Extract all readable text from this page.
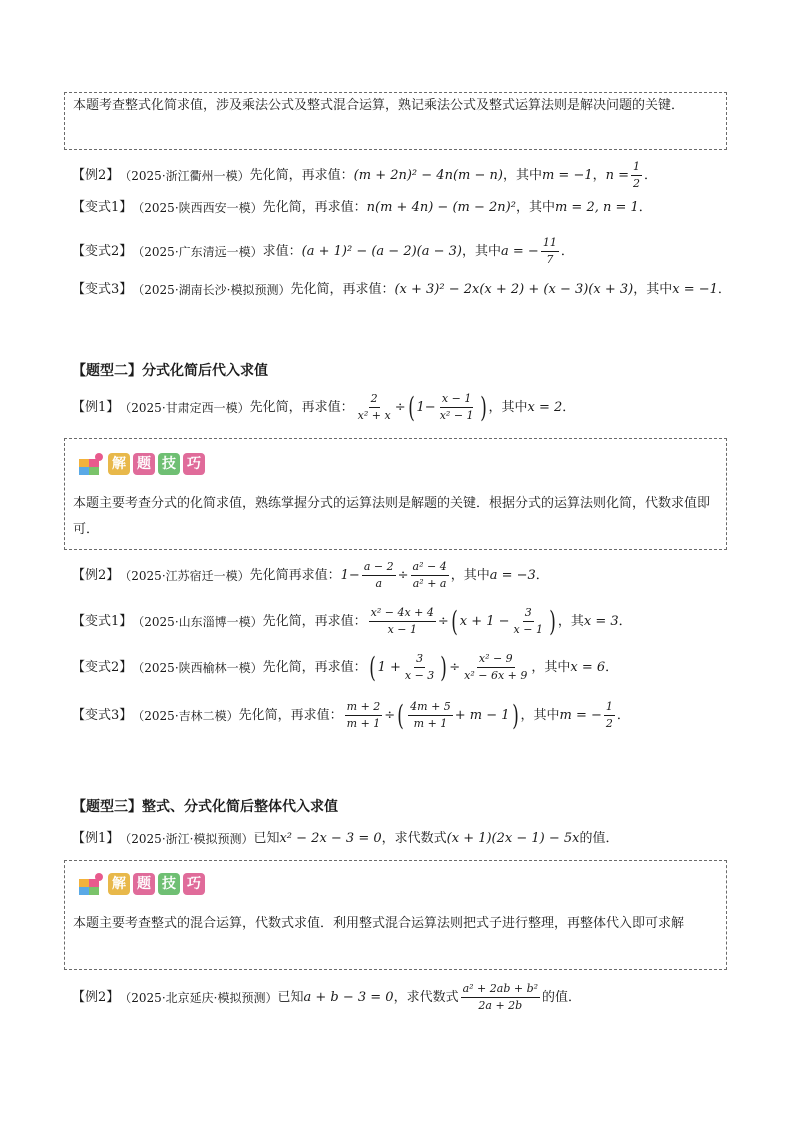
本题考查整式化简求值，涉及乘法公式及整式混合运算，熟记乘法公式及整式运算法则是解决问题的关键．
【例2】 （2025·浙江衢州一模） 先化简，再求值： (m + 2n)² − 4n(m − n) ，其中 m = −1 ， $n = \frac{1}{2}$ ．
【变式1】 （2025·陕西西安一模） 先化简，再求值： n(m + 4n) − (m − 2n)² ，其中 m = 2, n = 1 ．
【变式2】 （2025·广东清远一模） 求值： (a + 1)² − (a − 2)(a − 3) ，其中 a = − $\frac{11}{7}$ ．
【变式3】 （2025·湖南长沙·模拟预测） 先化简，再求值： (x + 3)² − 2x(x + 2) + (x − 3)(x + 3) ，其中 x = −1 ．
【题型二】分式化简后代入求值
【例1】 （2025·甘肃定西一模） 先化简，再求值： $\frac{2}{\text{x² + x}}$ ÷ ( $1- \frac{x - 1}{\text{x² − 1}}$ ) ，其中 x = 2 ．
解 题 技 巧
本题主要考查分式的化简求值，熟练掌握分式的运算法则是解题的关键．根据分式的运算法则化简，代数求值即可．
【例2】 （2025·江苏宿迁一模） 先化简再求值： $1- \frac{a - 2}{a} \div \frac{\text{a² − 4}}{\text{a² + a}}$ ，其中 a = −3 ．
【变式1】 （2025·山东淄博一模） 先化简，再求值： $\frac{\text{x² − 4x + 4}}{x - 1}$ ÷ ( $x + 1 - \frac{3}{x - 1}$ ) ，其 x = 3 ．
【变式2】 （2025·陕西榆林一模） 先化简，再求值： ( $1 + \frac{3}{x - 3}$ ) ÷ $\frac{\text{x² − 9}}{\text{x² − 6x + 9}}$ ，其中 x = 6 ．
【变式3】 （2025·吉林二模） 先化简，再求值： $\frac{m + 2}{m + 1}$ ÷ ( $\frac{4m + 5}{m + 1} + m - 1$ ) ，其中 m = − $\frac{1}{2}$ ．
【题型三】整式、分式化简后整体代入求值
【例1】 （2025·浙江·模拟预测） 已知 x² − 2x − 3 = 0 ，求代数式 (x + 1)(2x − 1) − 5x 的值．
解 题 技 巧
本题主要考查整式的混合运算，代数式求值．利用整式混合运算法则把式子进行整理，再整体代入即可求解
【例2】 （2025·北京延庆·模拟预测） 已知 a + b − 3 = 0 ，求代数式 $\frac{\text{a² + 2ab + b²}}{2a + 2b}$ 的值．
